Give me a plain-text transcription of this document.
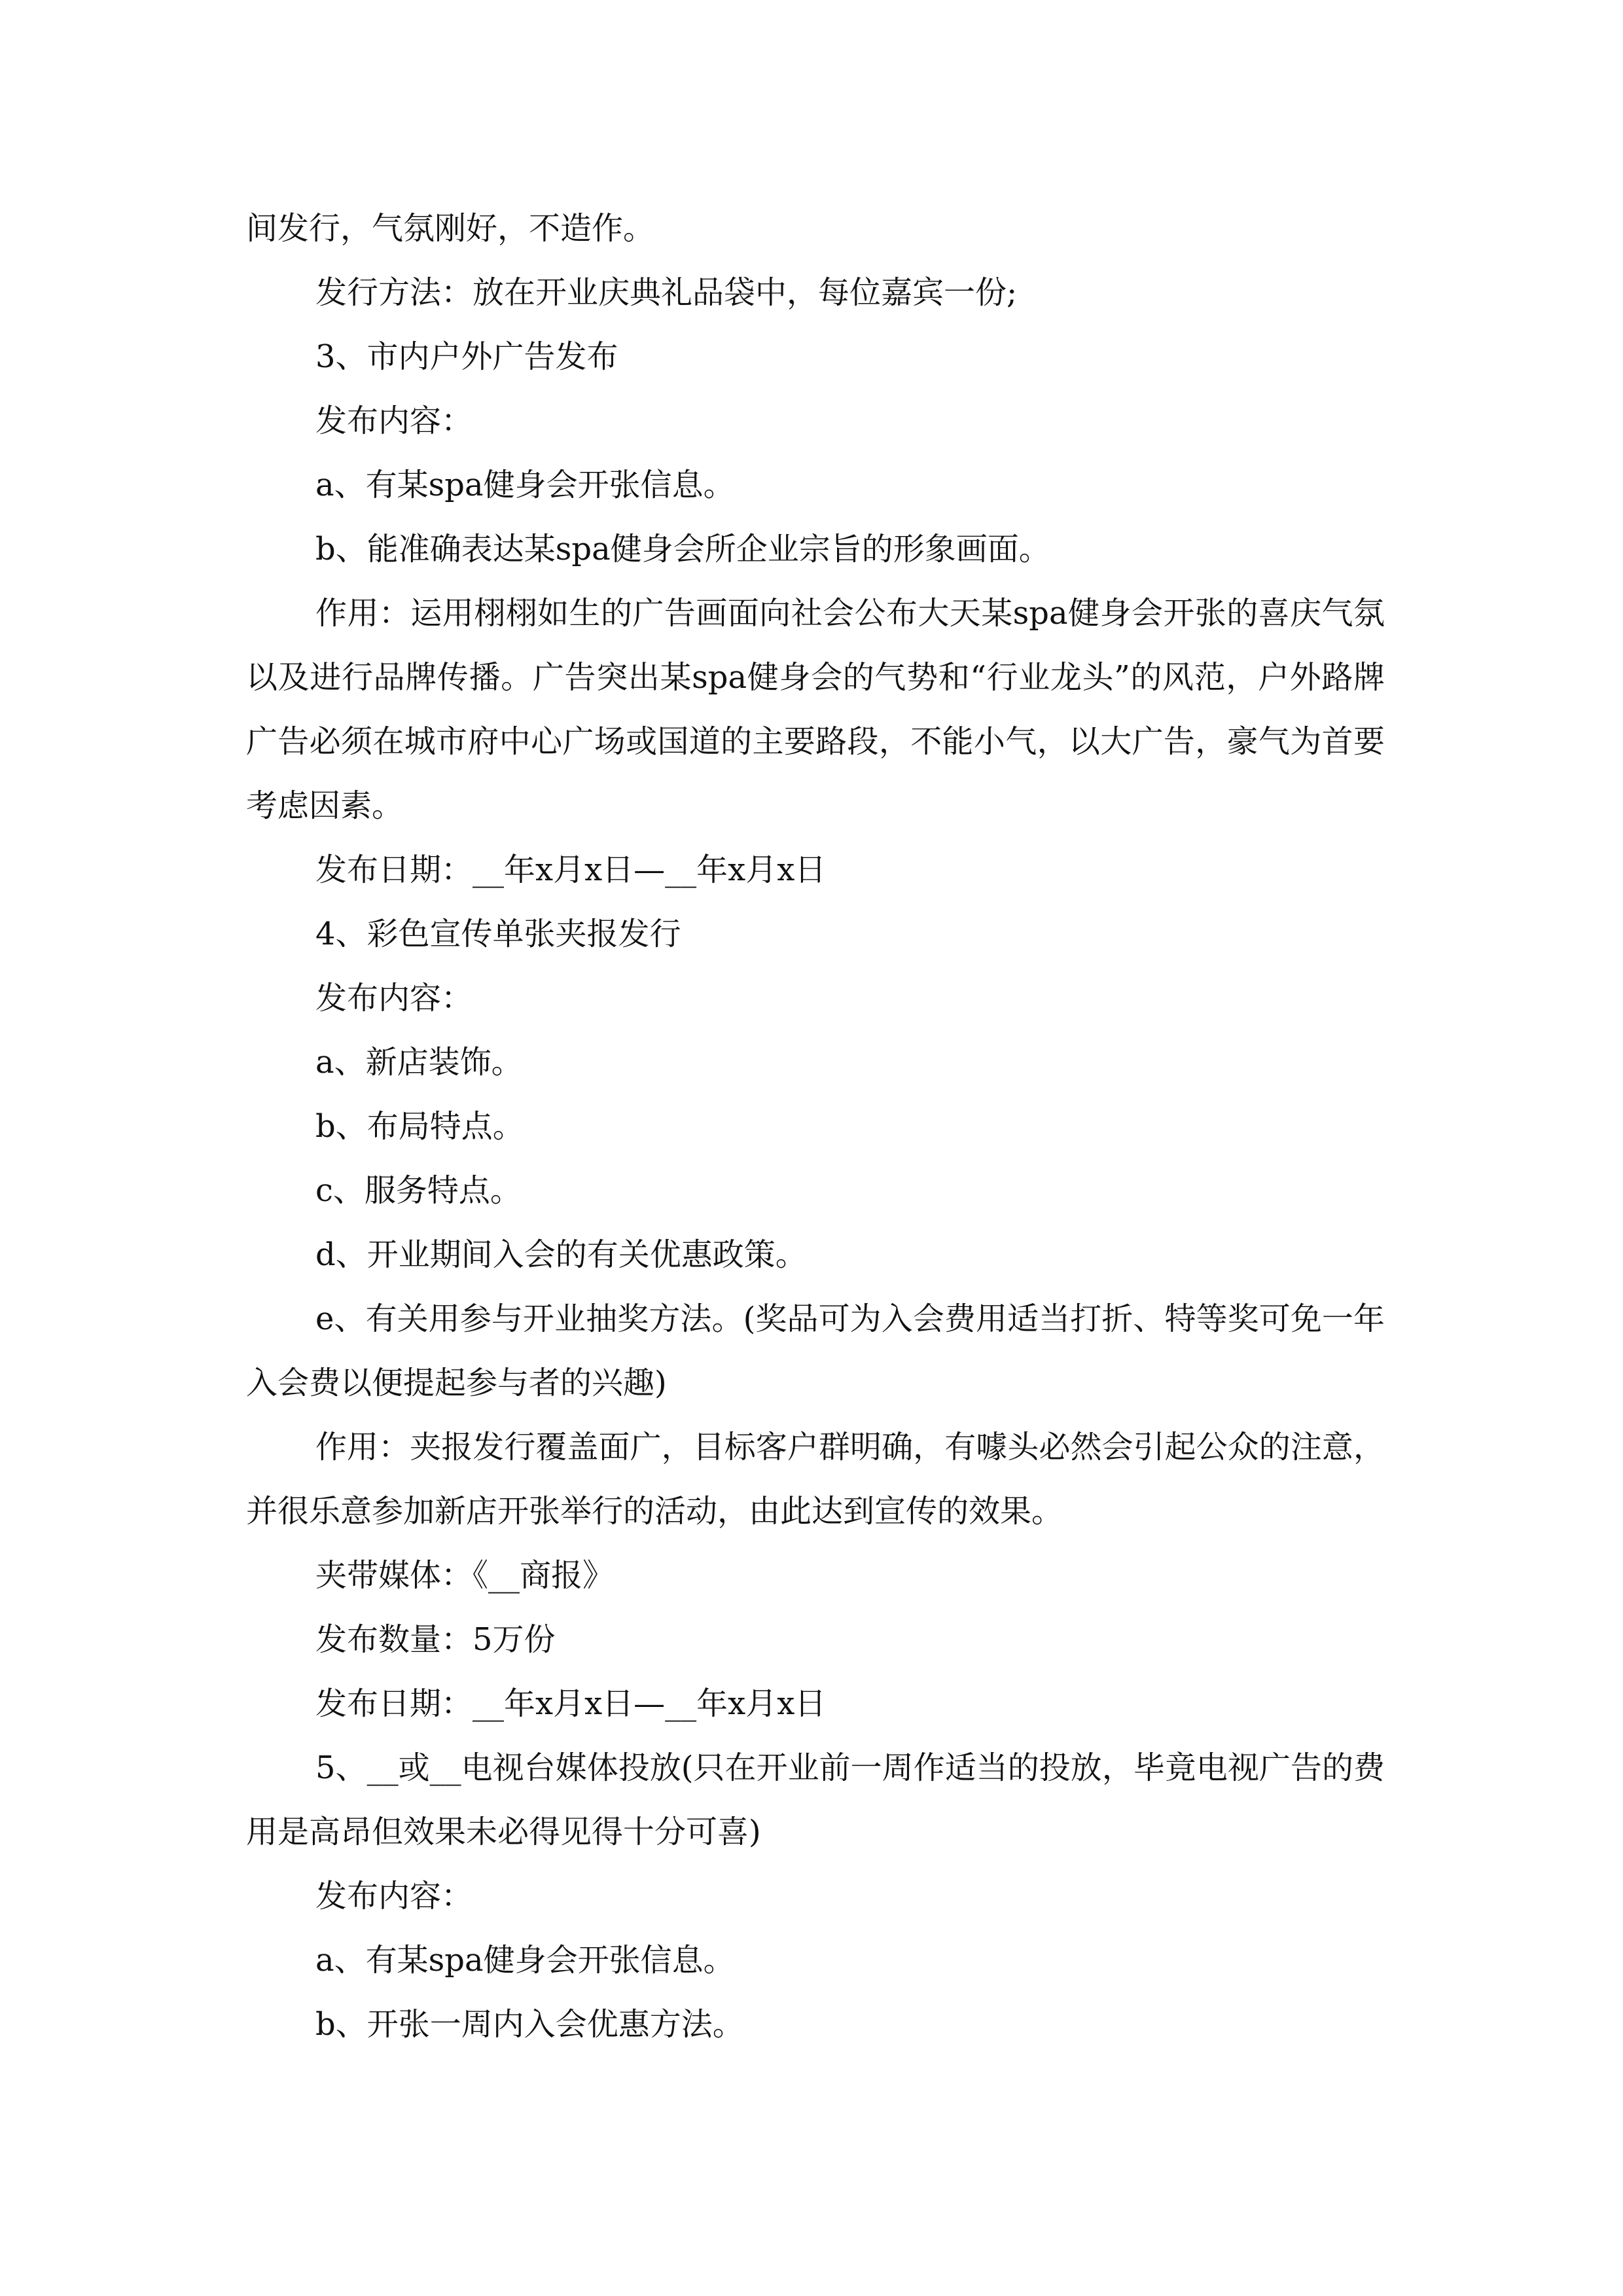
间发行，气氛刚好，不造作。

发行方法：放在开业庆典礼品袋中，每位嘉宾一份;

3、市内户外广告发布

发布内容：

a、有某spa健身会开张信息。

b、能准确表达某spa健身会所企业宗旨的形象画面。

作用：运用栩栩如生的广告画面向社会公布大天某spa健身会开张的喜庆气氛以及进行品牌传播。广告突出某spa健身会的气势和“行业龙头”的风范，户外路牌广告必须在城市府中心广场或国道的主要路段，不能小气，以大广告，豪气为首要考虑因素。

发布日期：__年x月x日—__年x月x日

4、彩色宣传单张夹报发行

发布内容：

a、新店装饰。

b、布局特点。

c、服务特点。

d、开业期间入会的有关优惠政策。

e、有关用参与开业抽奖方法。(奖品可为入会费用适当打折、特等奖可免一年入会费以便提起参与者的兴趣)

作用：夹报发行覆盖面广，目标客户群明确，有噱头必然会引起公众的注意，并很乐意参加新店开张举行的活动，由此达到宣传的效果。

夹带媒体：《__商报》

发布数量：5万份

发布日期：__年x月x日—__年x月x日

5、__或__电视台媒体投放(只在开业前一周作适当的投放，毕竟电视广告的费用是高昂但效果未必得见得十分可喜)

发布内容：

a、有某spa健身会开张信息。

b、开张一周内入会优惠方法。
